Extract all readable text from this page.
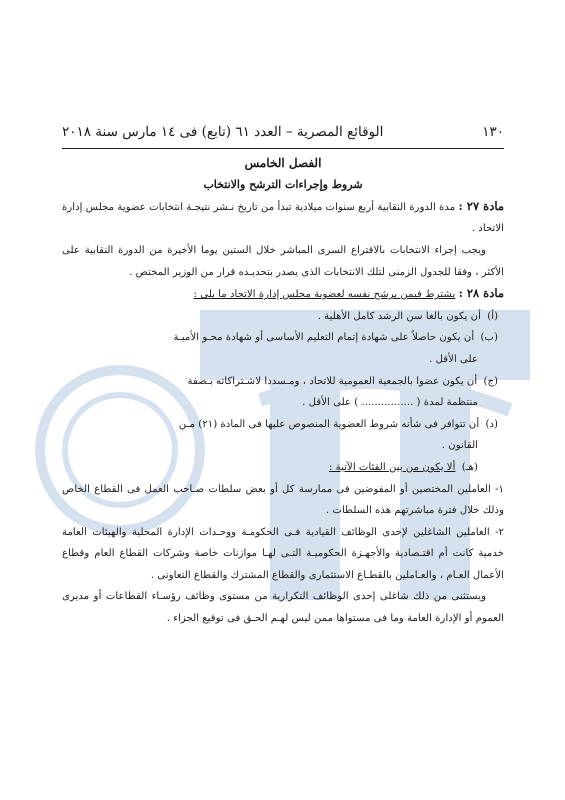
١٣٠
الوقائع المصرية – العدد ٦١ (تابع) فى ١٤ مارس سنة ٢٠١٨
الفصل الخامس
شروط وإجراءات الترشح والانتخاب
مادة ٢٧ : مدة الدورة النقابية أربع سنوات ميلادية تبدأ من تاريخ نـشر نتيجـة انتخابات عضوية مجلس إدارة الاتحاد .
ويجب إجراء الانتخابات بالاقتراع السرى المباشر خلال الستين يوما الأخيرة من الدورة النقابية على الأكثر ، وفقا للجدول الزمنى لتلك الانتخابات الذى يصدر بتحديـده قرار من الوزير المختص .
مادة ٢٨ : يشترط فيمن يرشح نفسه لعضوية مجلس إدارة الاتحاد ما يلى :
(أ) أن يكون بالغا سن الرشد كامل الأهلية .
(ب) أن يكون حاصلاً على شهادة إتمام التعليم الأساسى أو شهادة محـو الأميـة
على الأقل .
(ج) أن يكون عضوا بالجمعية العمومية للاتحاد ، ومـسددا لاشـتراكاته بـصفة
منتظمة لمدة ( ................ ) على الأقل .
(د) أن تتوافر فى شأنه شروط العضوية المنصوص عليها فى المادة (٢١) مـن
القانون .
(هـ) ألا يكون من بين الفئات الآتية :
١- العاملين المختصين أو المفوضين فى ممارسة كل أو بعض سلطات صـاحب العمل فى القطاع الخاص وذلك خلال فترة مباشرتهم هذه السلطات .
٢- العاملين الشاغلين لإحدى الوظائف القيادية فـى الحكومـة ووحـدات الإدارة المحلية والهيئات العامة خدمية كانت أم اقتـصادية والأجهـزة الحكوميـة التـى لهـا موازنات خاصة وشركات القطاع العام وقطاع الأعمال العـام ، والعـاملين بالقطـاع الاستثمارى والقطاع المشترك والقطاع التعاونى .
ويستثنى من ذلك شاغلى إحدى الوظائف التكرارية من مستوى وظائف رؤسـاء القطاعات أو مديرى العموم أو الإدارة العامة وما فى مستواها ممن ليس لهـم الحـق فى توقيع الجزاء .
